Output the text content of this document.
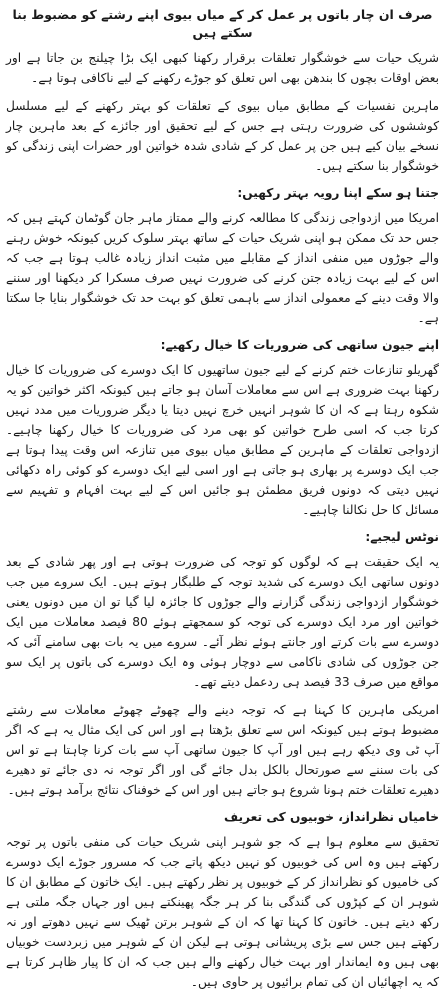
صرف ان چار باتوں پر عمل کر کے میاں بیوی اپنے رشتے کو مضبوط بنا سکتے ہیں

شریک حیات سے خوشگوار تعلقات برقرار رکھنا کبھی ایک بڑا چیلنج بن جاتا ہے اور بعض اوقات بچوں کا بندھن بھی اس تعلق کو جوڑے رکھنے کے لیے ناکافی ہوتا ہے۔

ماہرین نفسیات کے مطابق میاں بیوی کے تعلقات کو بہتر رکھنے کے لیے مسلسل کوششوں کی ضرورت رہتی ہے جس کے لیے تحقیق اور جائزے کے بعد ماہرین چار نسخے بیان کیے ہیں جن پر عمل کر کے شادی شدہ خواتین اور حضرات اپنی زندگی کو خوشگوار بنا سکتے ہیں۔

جتنا ہو سکے اپنا رویہ بہتر رکھیں:

امریکا میں ازدواجی زندگی کا مطالعہ کرنے والے ممتاز ماہر جان گوٹمان کہتے ہیں کہ جس حد تک ممکن ہو اپنی شریک حیات کے ساتھ بہتر سلوک کریں کیونکہ خوش رہنے والے جوڑوں میں منفی انداز کے مقابلے میں مثبت انداز زیادہ غالب ہوتا ہے جب کہ اس کے لیے بہت زیادہ جتن کرنے کی ضرورت نہیں صرف مسکرا کر دیکھنا اور سننے والا وقت دینے کے معمولی انداز سے باہمی تعلق کو بہت حد تک خوشگوار بنایا جا سکتا ہے۔

اپنے جیون ساتھی کی ضروریات کا خیال رکھیے:

گھریلو تنازعات ختم کرنے کے لیے جیون ساتھیوں کا ایک دوسرے کی ضروریات کا خیال رکھنا بہت ضروری ہے اس سے معاملات آسان ہو جاتے ہیں کیونکہ اکثر خواتین کو یہ شکوہ رہتا ہے کہ ان کا شوہر انہیں خرچ نہیں دیتا یا دیگر ضروریات میں مدد نہیں کرتا جب کہ اسی طرح خواتین کو بھی مرد کی ضروریات کا خیال رکھنا چاہیے۔ ازدواجی تعلقات کے ماہرین کے مطابق میاں بیوی میں تنازعہ اس وقت پیدا ہوتا ہے جب ایک دوسرے پر بھاری ہو جاتی ہے اور اسی لیے ایک دوسرے کو کوئی راہ دکھائی نہیں دیتی کہ دونوں فریق مطمئن ہو جائیں اس کے لیے بہت افہام و تفہیم سے مسائل کا حل نکالنا چاہیے۔

نوٹس لیجیے:

یہ ایک حقیقت ہے کہ لوگوں کو توجہ کی ضرورت ہوتی ہے اور پھر شادی کے بعد دونوں ساتھی ایک دوسرے کی شدید توجہ کے طلبگار ہوتے ہیں۔ ایک سروے میں جب خوشگوار ازدواجی زندگی گزارنے والے جوڑوں کا جائزہ لیا گیا تو ان میں دونوں یعنی خواتین اور مرد ایک دوسرے کی توجہ کو سمجھتے ہوئے 80 فیصد معاملات میں ایک دوسرے سے بات کرتے اور جانتے ہوئے نظر آئے۔ سروے میں یہ بات بھی سامنے آئی کہ جن جوڑوں کی شادی ناکامی سے دوچار ہوئی وہ ایک دوسرے کی باتوں پر ایک سو مواقع میں صرف 33 فیصد ہی ردعمل دیتے تھے۔

امریکی ماہرین کا کہنا ہے کہ توجہ دینے والے چھوٹے چھوٹے معاملات سے رشتے مضبوط ہوتے ہیں کیونکہ اس سے تعلق بڑھتا ہے اور اس کی ایک مثال یہ ہے کہ اگر آپ ٹی وی دیکھ رہے ہیں اور آپ کا جیون ساتھی آپ سے بات کرنا چاہتا ہے تو اس کی بات سننے سے صورتحال بالکل بدل جائے گی اور اگر توجہ نہ دی جائے تو دھیرے دھیرے تعلقات ختم ہونا شروع ہو جاتے ہیں اور اس کے خوفناک نتائج برآمد ہوتے ہیں۔

خامیاں نظرانداز، خوبیوں کی تعریف

تحقیق سے معلوم ہوا ہے کہ جو شوہر اپنی شریک حیات کی منفی باتوں پر توجہ رکھتے ہیں وہ اس کی خوبیوں کو نہیں دیکھ پاتے جب کہ مسرور جوڑے ایک دوسرے کی خامیوں کو نظرانداز کر کے خوبیوں پر نظر رکھتے ہیں۔ ایک خاتون کے مطابق ان کا شوہر ان کے کپڑوں کی گندگی بنا کر ہر جگہ پھینکتے ہیں اور جہاں جگہ ملتی ہے رکھ دیتے ہیں۔ خاتون کا کہنا تھا کہ ان کے شوہر برتن ٹھیک سے نہیں دھوتے اور نہ رکھتے ہیں جس سے بڑی پریشانی ہوتی ہے لیکن ان کے شوہر میں زبردست خوبیاں بھی ہیں وہ ایماندار اور بہت خیال رکھنے والے ہیں جب کہ ان کا پیار ظاہر کرتا ہے کہ یہ اچھائیاں ان کی تمام برائیوں پر حاوی ہیں۔
